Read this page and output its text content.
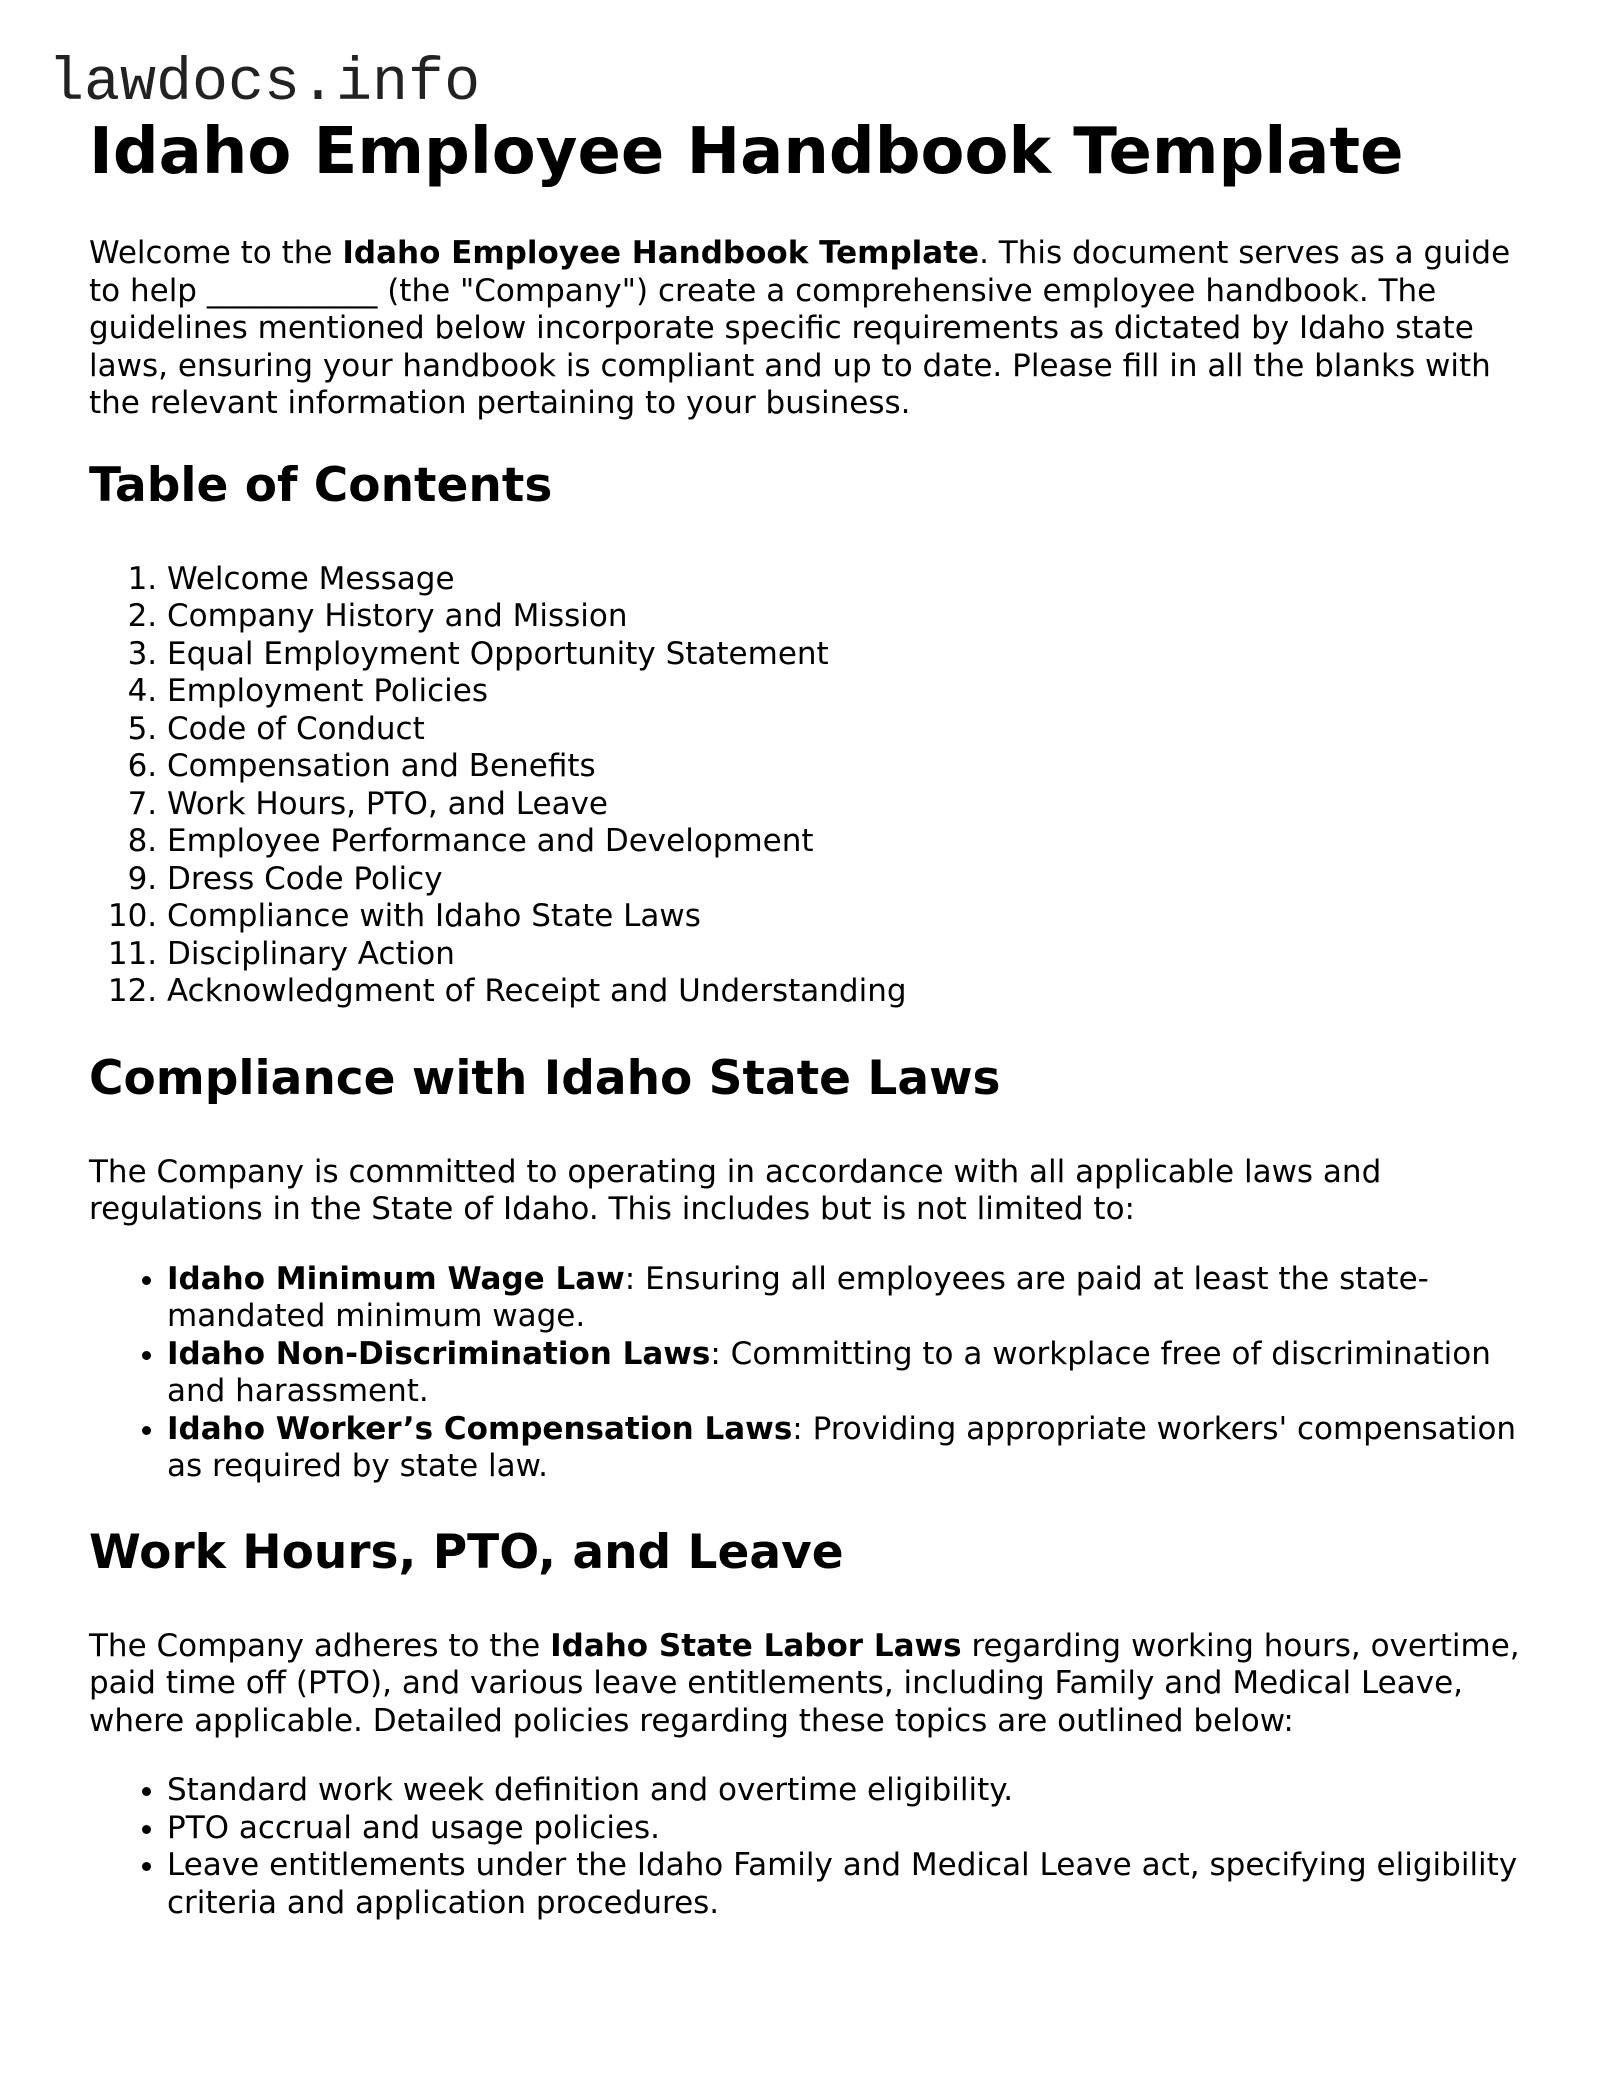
lawdocs.info
Idaho Employee Handbook Template

Welcome to the Idaho Employee Handbook Template. This document serves as a guide to help ___________ (the "Company") create a comprehensive employee handbook. The guidelines mentioned below incorporate specific requirements as dictated by Idaho state laws, ensuring your handbook is compliant and up to date. Please fill in all the blanks with the relevant information pertaining to your business.

Table of Contents
1. Welcome Message
2. Company History and Mission
3. Equal Employment Opportunity Statement
4. Employment Policies
5. Code of Conduct
6. Compensation and Benefits
7. Work Hours, PTO, and Leave
8. Employee Performance and Development
9. Dress Code Policy
10. Compliance with Idaho State Laws
11. Disciplinary Action
12. Acknowledgment of Receipt and Understanding
Compliance with Idaho State Laws

The Company is committed to operating in accordance with all applicable laws and regulations in the State of Idaho. This includes but is not limited to:

• Idaho Minimum Wage Law: Ensuring all employees are paid at least the state-mandated minimum wage.
• Idaho Non-Discrimination Laws: Committing to a workplace free of discrimination and harassment.
• Idaho Worker’s Compensation Laws: Providing appropriate workers' compensation as required by state law.
Work Hours, PTO, and Leave

The Company adheres to the Idaho State Labor Laws regarding working hours, overtime, paid time off (PTO), and various leave entitlements, including Family and Medical Leave, where applicable. Detailed policies regarding these topics are outlined below:

• Standard work week definition and overtime eligibility.
• PTO accrual and usage policies.
• Leave entitlements under the Idaho Family and Medical Leave act, specifying eligibility criteria and application procedures.
